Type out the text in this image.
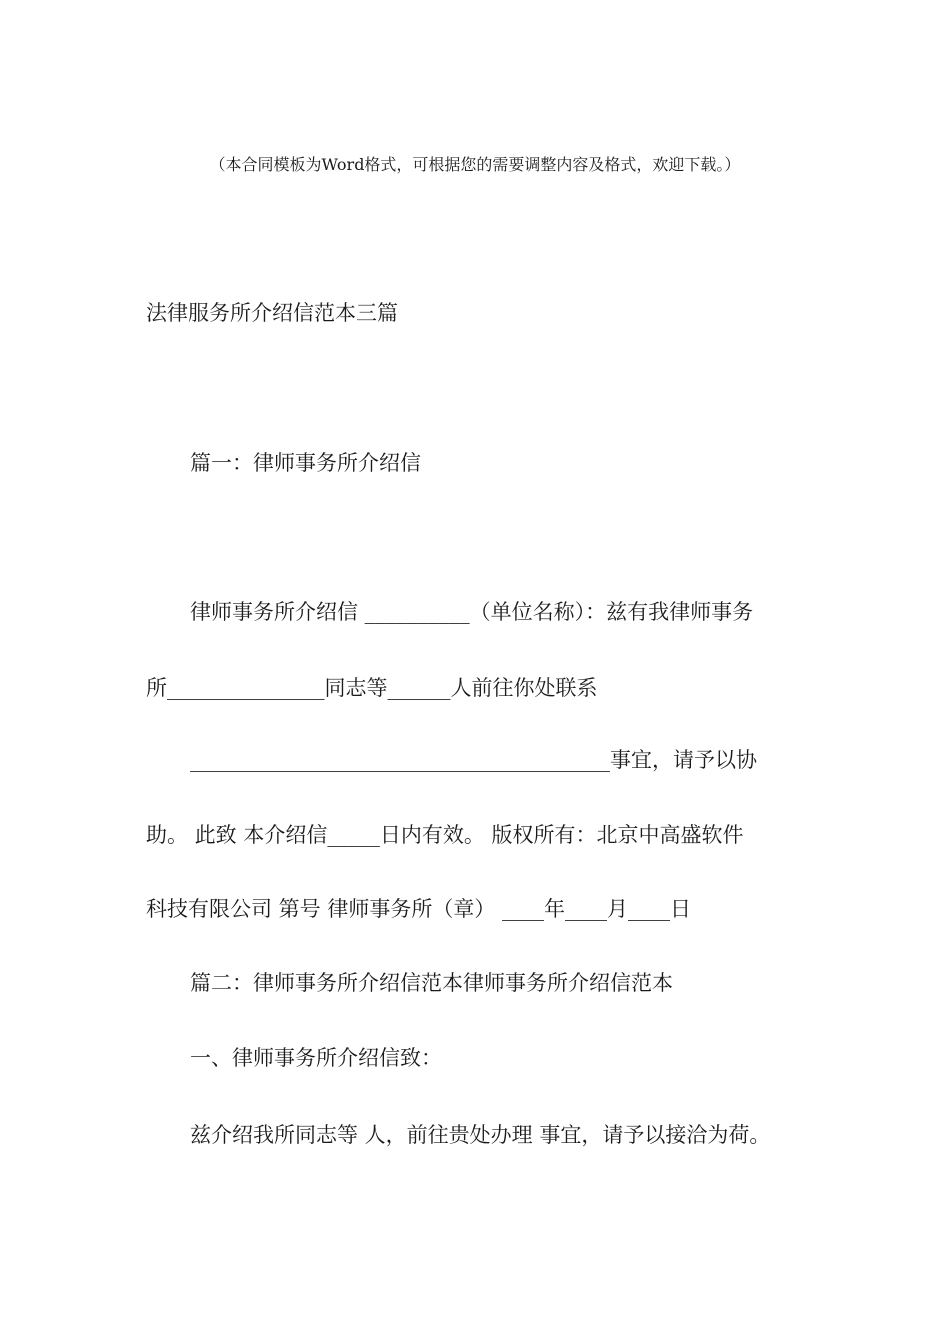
（本合同模板为Word格式，可根据您的需要调整内容及格式，欢迎下载。）
法律服务所介绍信范本三篇
篇一：律师事务所介绍信
律师事务所介绍信 __________（单位名称）：兹有我律师事务
所_______________同志等______人前往你处联系
________________________________________事宜，请予以协
助。 此致 本介绍信_____日内有效。 版权所有：北京中高盛软件
科技有限公司 第号 律师事务所（章） ____年____月____日
篇二：律师事务所介绍信范本律师事务所介绍信范本
一、律师事务所介绍信致：
兹介绍我所同志等 人，前往贵处办理 事宜，请予以接洽为荷。
